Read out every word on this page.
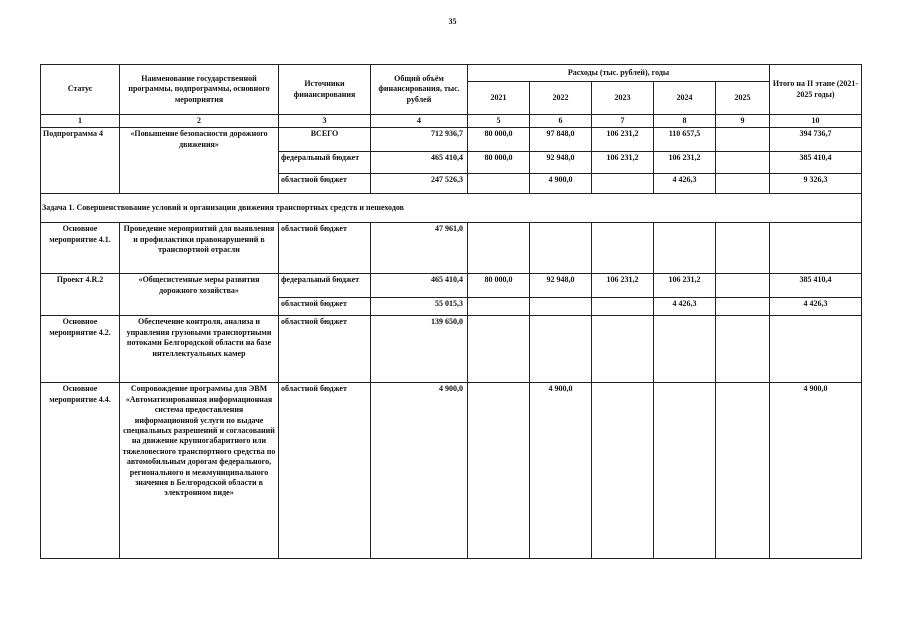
35
Статус	Наименование государственной программы, подпрограммы, основного мероприятия	Источники финансирования	Общий объём финансирования, тыс. рублей	Расходы (тыс. рублей), годы					Итого на II этапе (2021-2025 годы)
				2021	2022	2023	2024	2025	
1	2	3	4	5	6	7	8	9	10
Подпрограмма 4	«Повышение безопасности дорожного движения»	ВСЕГО	712 936,7	80 000,0	97 848,0	106 231,2	110 657,5		394 736,7
		федеральный бюджет	465 410,4	80 000,0	92 948,0	106 231,2	106 231,2		385 410,4
		областной бюджет	247 526,3		4 900,0		4 426,3		9 326,3
Задача 1. Совершенствование условий и организации движения транспортных средств и пешеходов									
Основное мероприятие 4.1.	Проведение мероприятий для выявления и профилактики правонарушений в транспортной отрасли	областной бюджет	47 961,0						
Проект 4.R.2	«Общесистемные меры развития дорожного хозяйства»	федеральный бюджет	465 410,4	80 000,0	92 948,0	106 231,2	106 231,2		385 410,4
		областной бюджет	55 015,3				4 426,3		4 426,3
Основное мероприятие 4.2.	Обеспечение контроля, анализа и управления грузовыми транспортными потоками Белгородской области на базе интеллектуальных камер	областной бюджет	139 650,0						
Основное мероприятие 4.4.	Сопровождение программы для ЭВМ «Автоматизированная информационная система предоставления информационной услуги по выдаче специальных разрешений и согласований на движение крупногабаритного или тяжеловесного транспортного средства по автомобильным дорогам федерального, регионального и межмуниципального значения в Белгородской области в электронном виде»	областной бюджет	4 900,0		4 900,0				4 900,0
